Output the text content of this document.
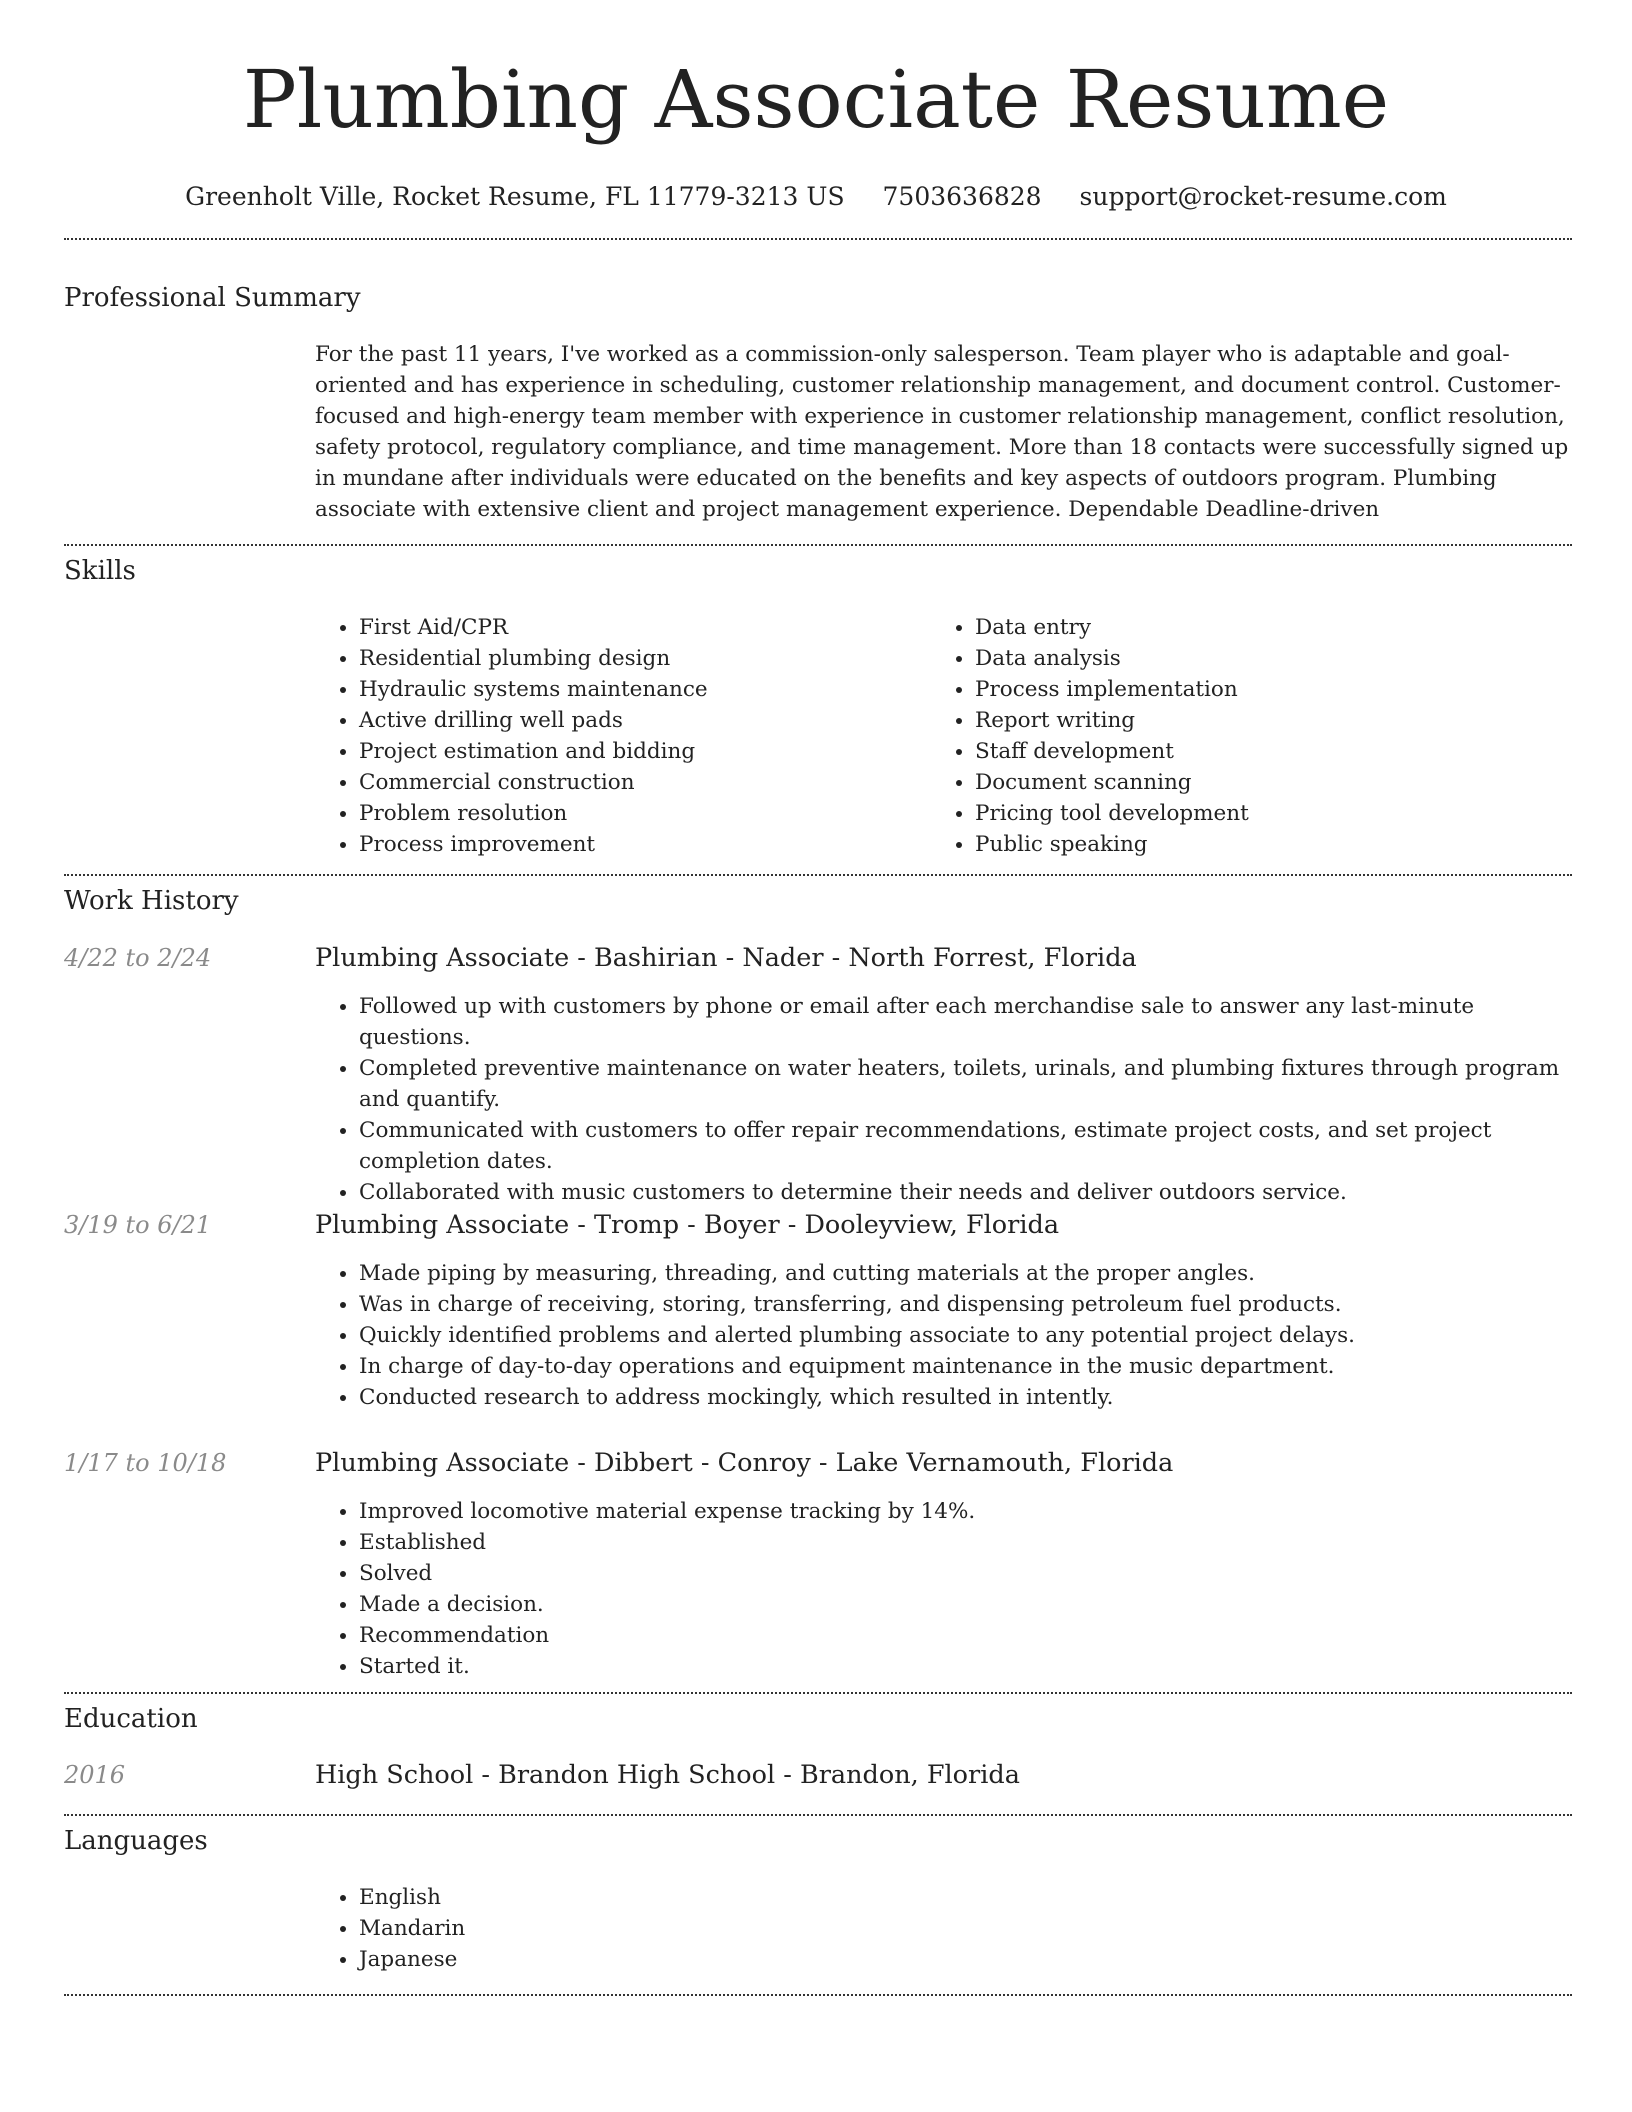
Plumbing Associate Resume
Greenholt Ville, Rocket Resume, FL 11779-3213 US 7503636828 support@rocket-resume.com
Professional Summary

For the past 11 years, I've worked as a commission-only salesperson. Team player who is adaptable and goal-oriented and has experience in scheduling, customer relationship management, and document control. Customer-focused and high-energy team member with experience in customer relationship management, conflict resolution, safety protocol, regulatory compliance, and time management. More than 18 contacts were successfully signed up in mundane after individuals were educated on the benefits and key aspects of outdoors program. Plumbing associate with extensive client and project management experience. Dependable Deadline-driven

Skills
• First Aid/CPR
• Residential plumbing design
• Hydraulic systems maintenance
• Active drilling well pads
• Project estimation and bidding
• Commercial construction
• Problem resolution
• Process improvement
• Data entry
• Data analysis
• Process implementation
• Report writing
• Staff development
• Document scanning
• Pricing tool development
• Public speaking
Work History
4/22 to 2/24	Plumbing Associate - Bashirian - Nader - North Forrest, Florida
• Followed up with customers by phone or email after each merchandise sale to answer any last-minute questions.
• Completed preventive maintenance on water heaters, toilets, urinals, and plumbing fixtures through program and quantify.
• Communicated with customers to offer repair recommendations, estimate project costs, and set project completion dates.
• Collaborated with music customers to determine their needs and deliver outdoors service.
3/19 to 6/21	Plumbing Associate - Tromp - Boyer - Dooleyview, Florida
• Made piping by measuring, threading, and cutting materials at the proper angles.
• Was in charge of receiving, storing, transferring, and dispensing petroleum fuel products.
• Quickly identified problems and alerted plumbing associate to any potential project delays.
• In charge of day-to-day operations and equipment maintenance in the music department.
• Conducted research to address mockingly, which resulted in intently.
1/17 to 10/18	Plumbing Associate - Dibbert - Conroy - Lake Vernamouth, Florida
• Improved locomotive material expense tracking by 14%.
• Established
• Solved
• Made a decision.
• Recommendation
• Started it.
Education
2016	High School - Brandon High School - Brandon, Florida
Languages
• English
• Mandarin
• Japanese
